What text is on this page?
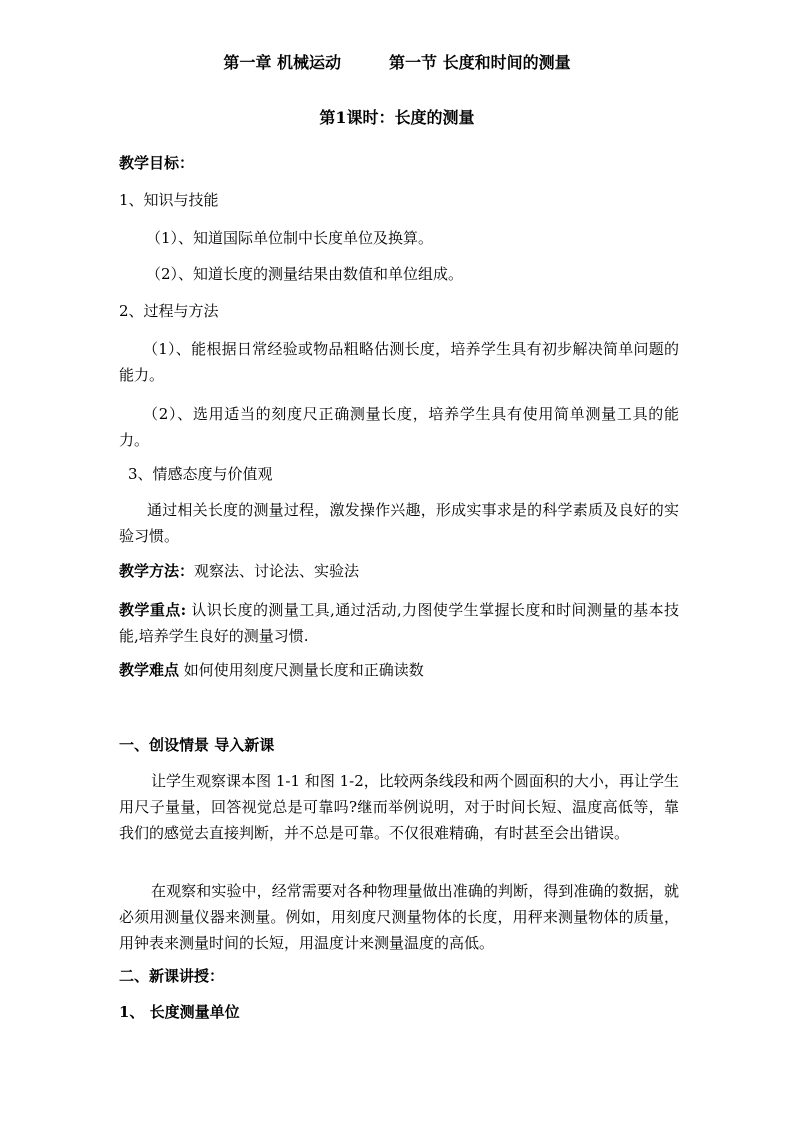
第一章 机械运动	第一节 长度和时间的测量
第1课时：长度的测量
教学目标：
1、知识与技能
（1）、知道国际单位制中长度单位及换算。
（2）、知道长度的测量结果由数值和单位组成。
2、过程与方法
（1）、能根据日常经验或物品粗略估测长度，培养学生具有初步解决简单问题的能力。
（2）、选用适当的刻度尺正确测量长度，培养学生具有使用简单测量工具的能力。
3、情感态度与价值观
通过相关长度的测量过程，激发操作兴趣，形成实事求是的科学素质及良好的实验习惯。
教学方法：观察法、讨论法、实验法
教学重点: 认识长度的测量工具,通过活动,力图使学生掌握长度和时间测量的基本技能,培养学生良好的测量习惯.
教学难点 如何使用刻度尺测量长度和正确读数
一、创设情景 导入新课
让学生观察课本图 1-1 和图 1-2，比较两条线段和两个圆面积的大小，再让学生用尺子量量，回答视觉总是可靠吗?继而举例说明，对于时间长短、温度高低等，靠我们的感觉去直接判断，并不总是可靠。不仅很难精确，有时甚至会出错误。
在观察和实验中，经常需要对各种物理量做出准确的判断，得到准确的数据，就必须用测量仪器来测量。例如，用刻度尺测量物体的长度，用秤来测量物体的质量，用钟表来测量时间的长短，用温度计来测量温度的高低。
二、新课讲授：
1、 长度测量单位
